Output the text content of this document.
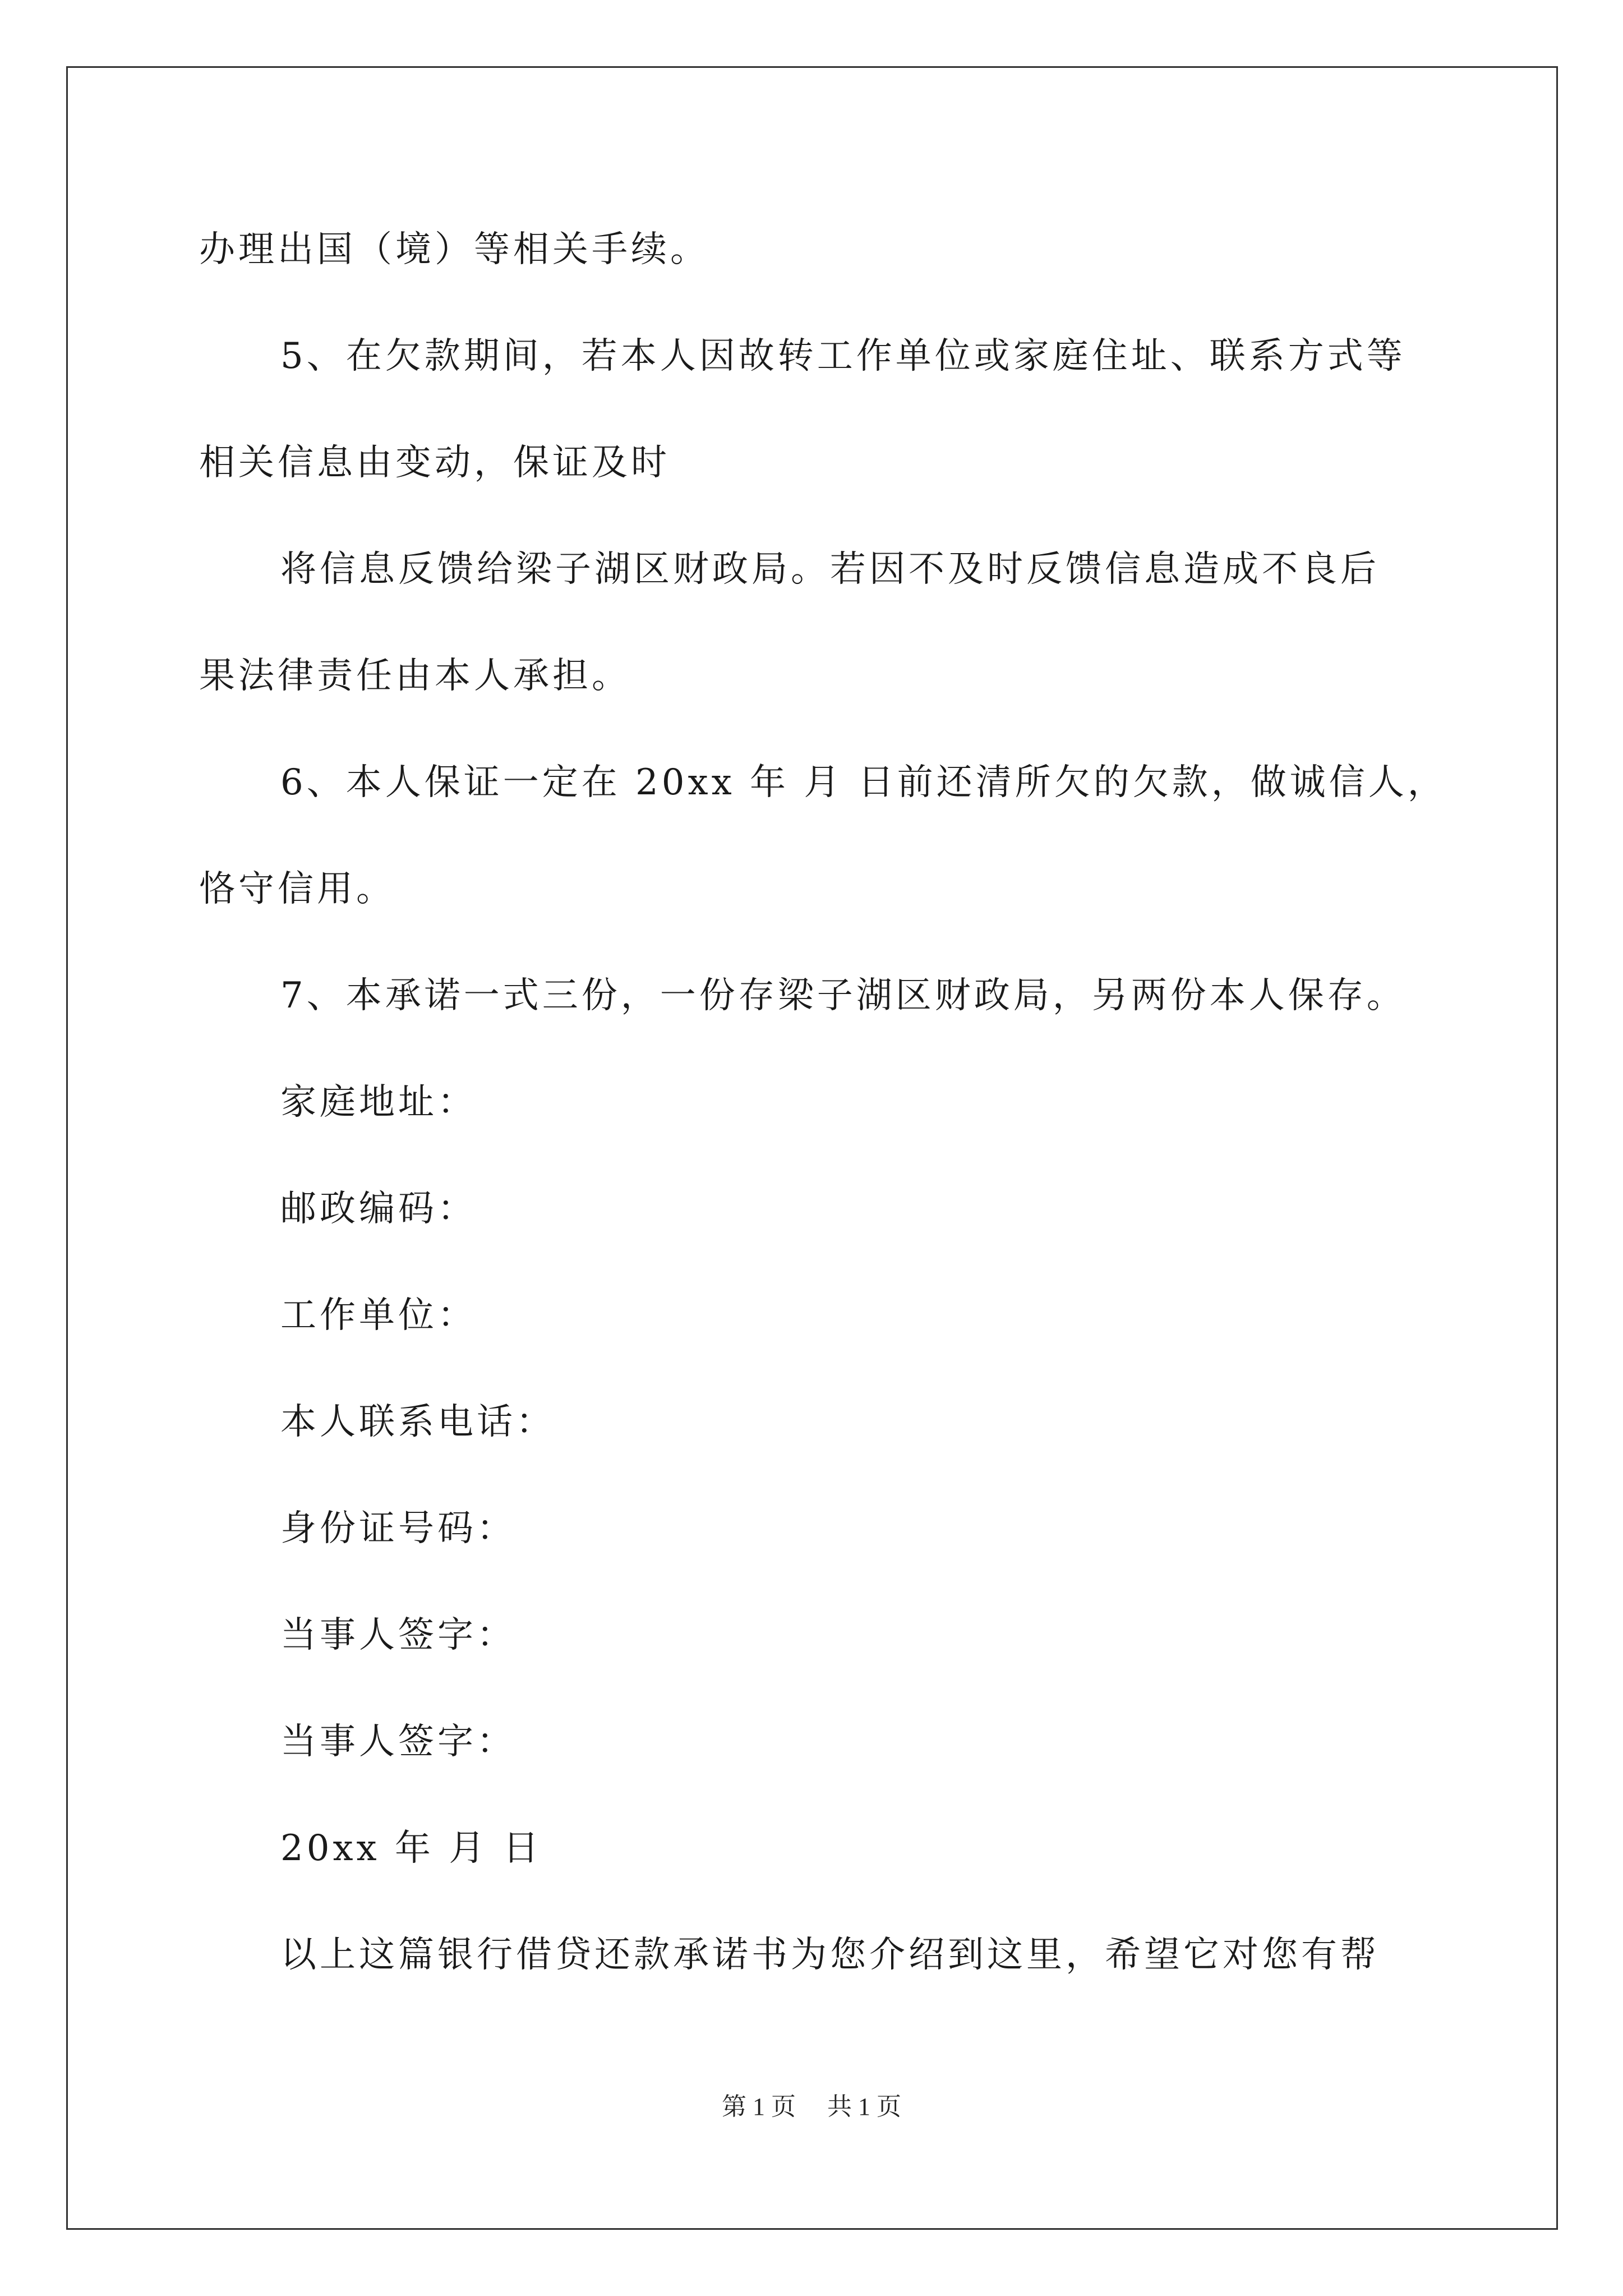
办理出国（境）等相关手续。
5、在欠款期间，若本人因故转工作单位或家庭住址、联系方式等
相关信息由变动，保证及时
将信息反馈给梁子湖区财政局。若因不及时反馈信息造成不良后
果法律责任由本人承担。
6、本人保证一定在 20xx 年 月 日前还清所欠的欠款，做诚信人，
恪守信用。
7、本承诺一式三份，一份存梁子湖区财政局，另两份本人保存。
家庭地址：
邮政编码：
工作单位：
本人联系电话：
身份证号码：
当事人签字：
当事人签字：
20xx 年 月 日
以上这篇银行借贷还款承诺书为您介绍到这里，希望它对您有帮
第 1 页 共 1 页
